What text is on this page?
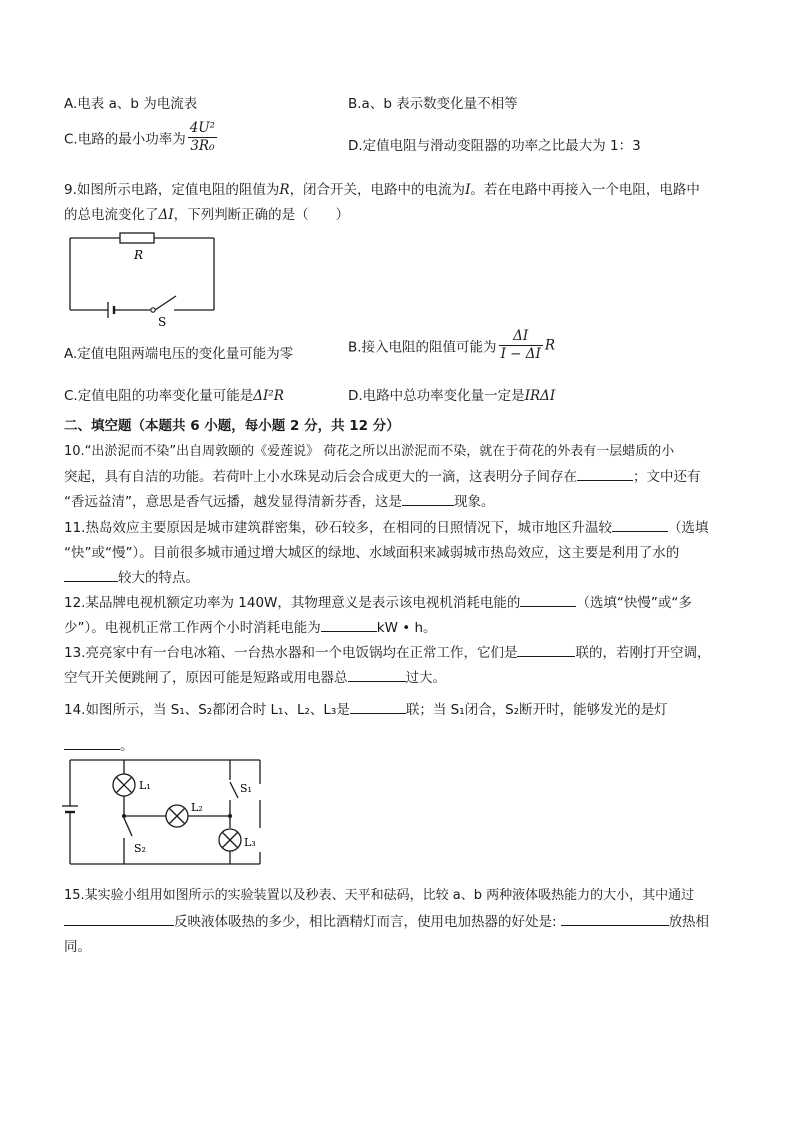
A.电表 a、b 为电流表	B.a、b 表示数变化量不相等
C.电路的最小功率为 $\frac{\text{4U²}}{\text{3R₀}}$	D.定值电阻与滑动变阻器的功率之比最大为 1：3
9.如图所示电路，定值电阻的阻值为R，闭合开关，电路中的电流为I。若在电路中再接入一个电阻，电路中
的总电流变化了ΔI，下列判断正确的是（　　）
R
S
A.定值电阻两端电压的变化量可能为零	B.接入电阻的阻值可能为 $\frac{\Delta I}{I - \Delta I}$ R
C.定值电阻的功率变化量可能是ΔI²R	D.电路中总功率变化量一定是IRΔI
二、填空题（本题共 6 小题，每小题 2 分，共 12 分）
10.“出淤泥而不染”出自周敦颐的《爱莲说》 荷花之所以出淤泥而不染，就在于荷花的外表有一层蜡质的小
突起，具有自洁的功能。若荷叶上小水珠晃动后会合成更大的一滴，这表明分子间存在	；文中还有
“香远益清”，意思是香气远播，越发显得清新芬香，这是	现象。
11.热岛效应主要原因是城市建筑群密集，砂石较多，在相同的日照情况下，城市地区升温较	（选填
“快”或“慢”）。目前很多城市通过增大城区的绿地、水域面积来减弱城市热岛效应，这主要是利用了水的
较大的特点。
12.某品牌电视机额定功率为 140W，其物理意义是表示该电视机消耗电能的	（选填“快慢”或“多
少”）。电视机正常工作两个小时消耗电能为	kW • h。
13.亮亮家中有一台电冰箱、一台热水器和一个电饭锅均在正常工作，它们是	联的，若刚打开空调，
空气开关便跳闸了，原因可能是短路或用电器总	过大。
14.如图所示，当 S₁、S₂都闭合时 L₁、L₂、L₃是	联；当 S₁闭合，S₂断开时，能够发光的是灯
。
L₁
L₂
L₃
S₁
S₂
15.某实验小组用如图所示的实验装置以及秒表、天平和砝码，比较 a、b 两种液体吸热能力的大小，其中通过
反映液体吸热的多少，相比酒精灯而言，使用电加热器的好处是:	放热相
同。
